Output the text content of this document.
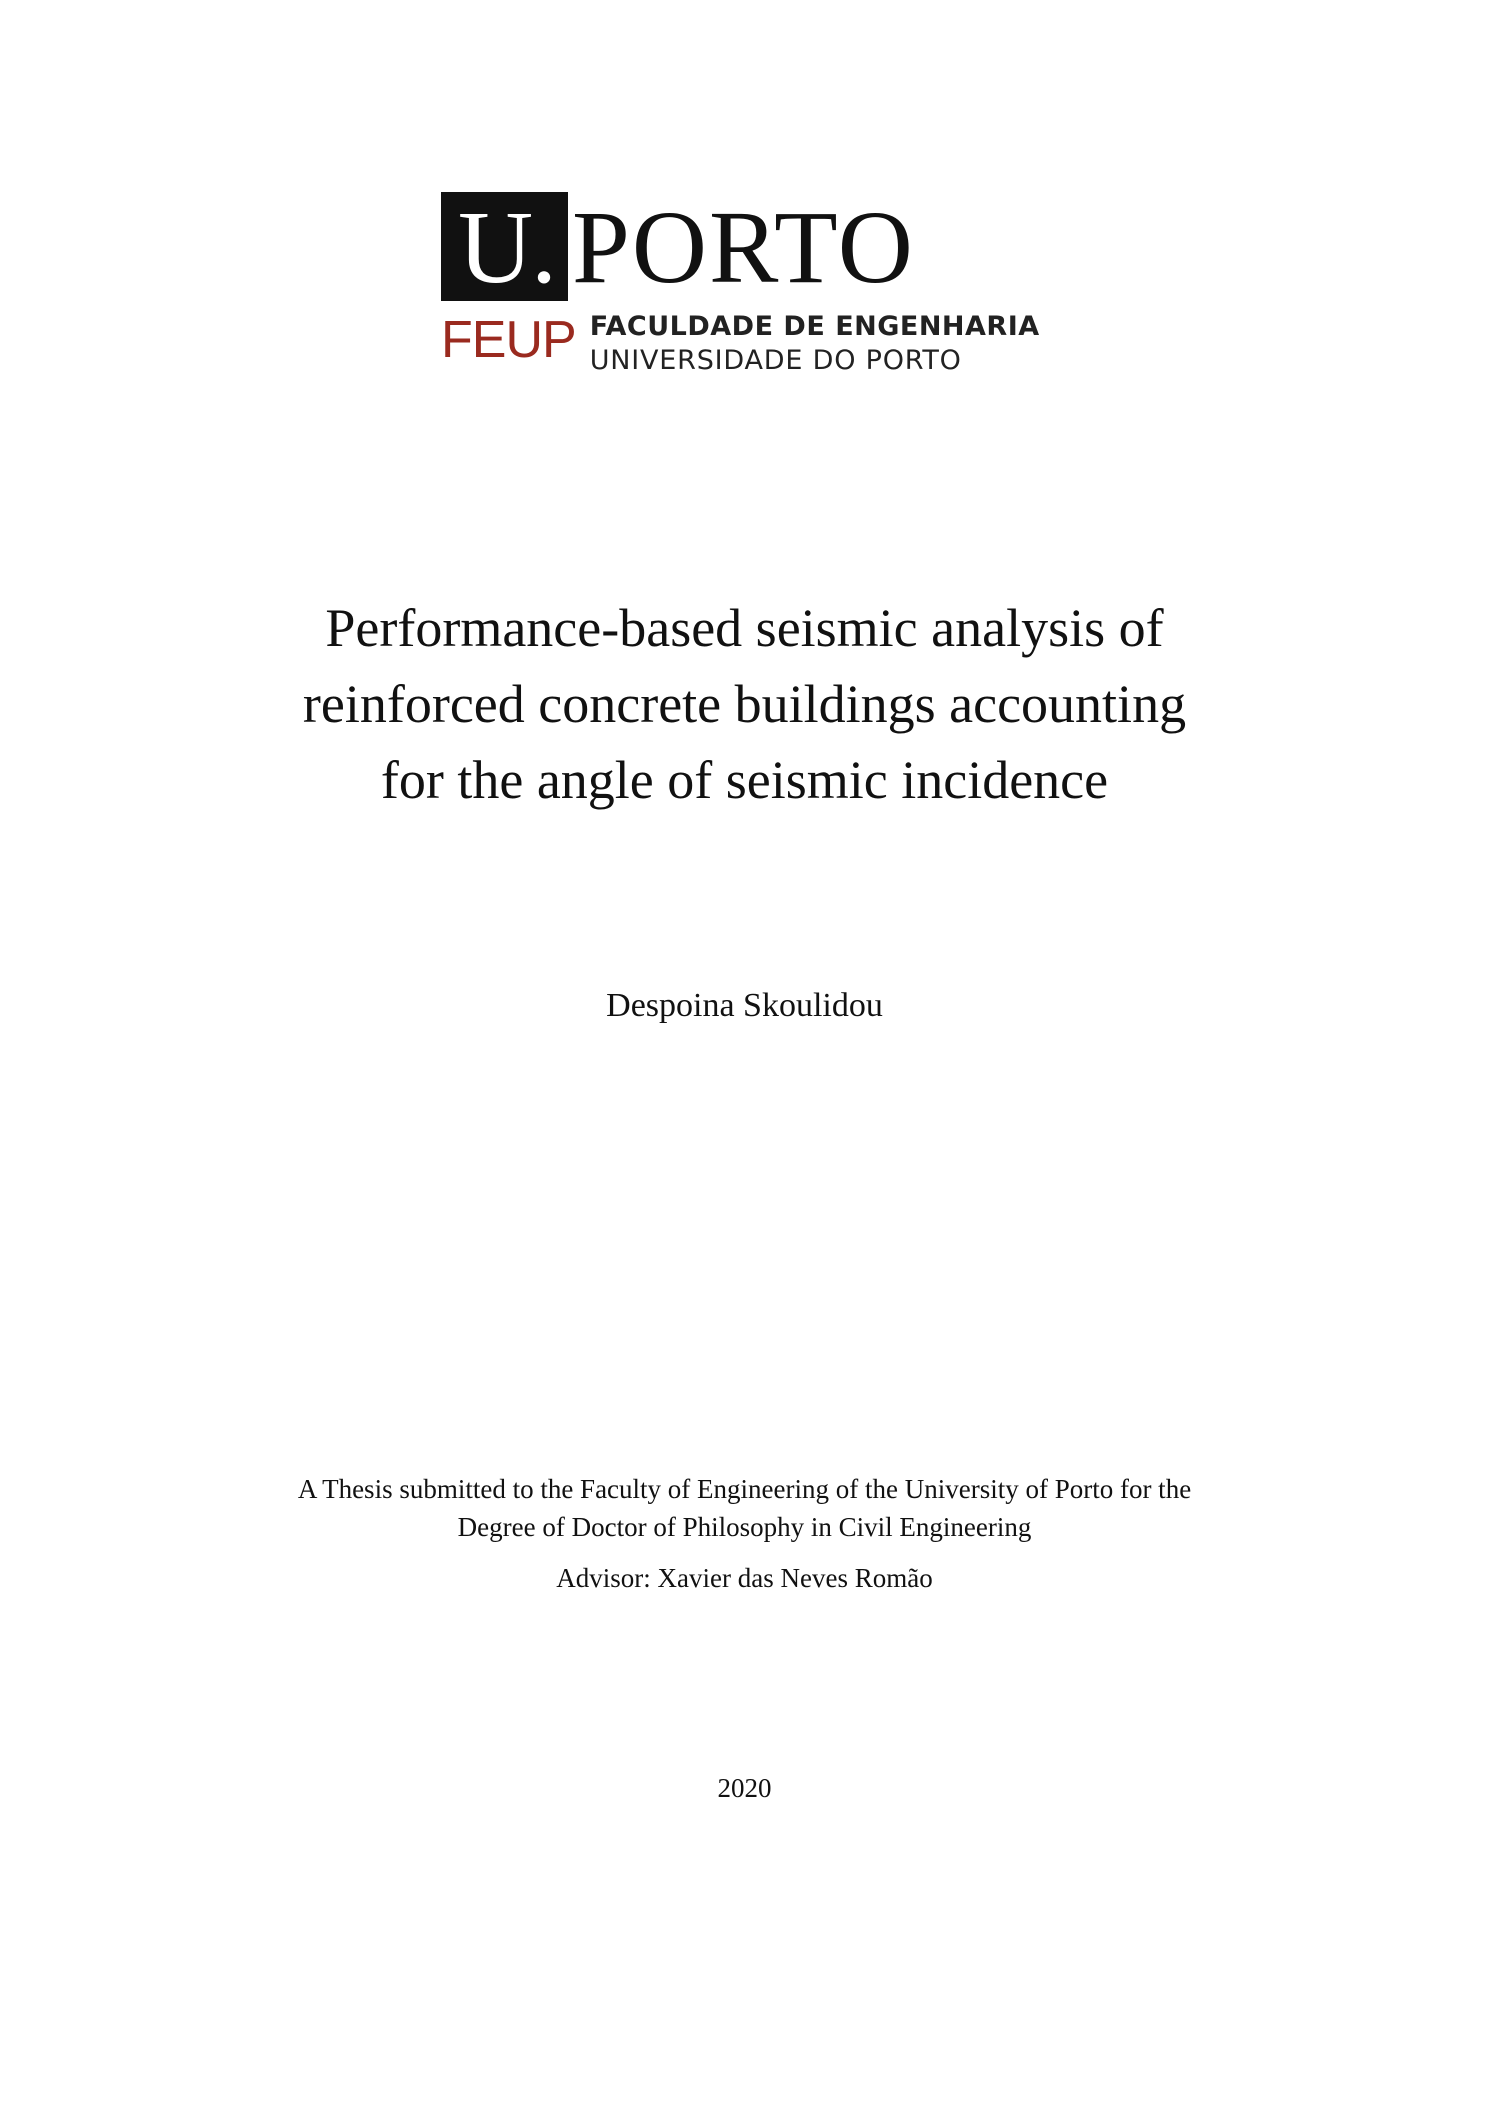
U. PORTO
FEUP FACULDADE DE ENGENHARIA
UNIVERSIDADE DO PORTO
Performance-based seismic analysis of
reinforced concrete buildings accounting
for the angle of seismic incidence
Despoina Skoulidou
A Thesis submitted to the Faculty of Engineering of the University of Porto for the
Degree of Doctor of Philosophy in Civil Engineering
Advisor: Xavier das Neves Romão
2020
